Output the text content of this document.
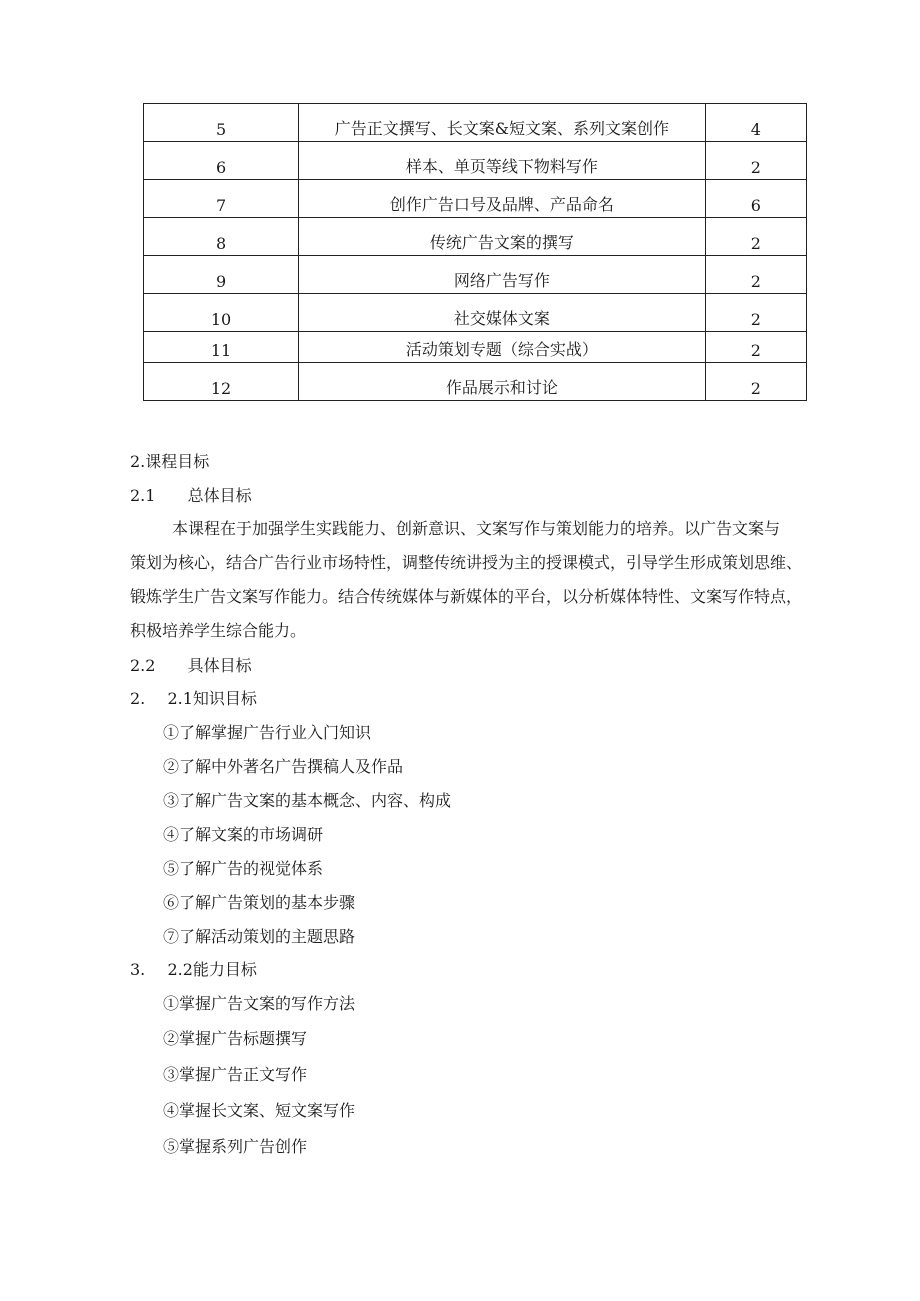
5	广告正文撰写、长文案&短文案、系列文案创作	4
6	样本、单页等线下物料写作	2
7	创作广告口号及品牌、产品命名	6
8	传统广告文案的撰写	2
9	网络广告写作	2
10	社交媒体文案	2
11	活动策划专题（综合实战）	2
12	作品展示和讨论	2
2.课程目标
2.1 总体目标
本课程在于加强学生实践能力、创新意识、文案写作与策划能力的培养。以广告文案与
策划为核心，结合广告行业市场特性，调整传统讲授为主的授课模式，引导学生形成策划思维、
锻炼学生广告文案写作能力。结合传统媒体与新媒体的平台，以分析媒体特性、文案写作特点，
积极培养学生综合能力。
2.2 具体目标
2. 2.1知识目标
①了解掌握广告行业入门知识
②了解中外著名广告撰稿人及作品
③了解广告文案的基本概念、内容、构成
④了解文案的市场调研
⑤了解广告的视觉体系
⑥了解广告策划的基本步骤
⑦了解活动策划的主题思路
3. 2.2能力目标
①掌握广告文案的写作方法
②掌握广告标题撰写
③掌握广告正文写作
④掌握长文案、短文案写作
⑤掌握系列广告创作
